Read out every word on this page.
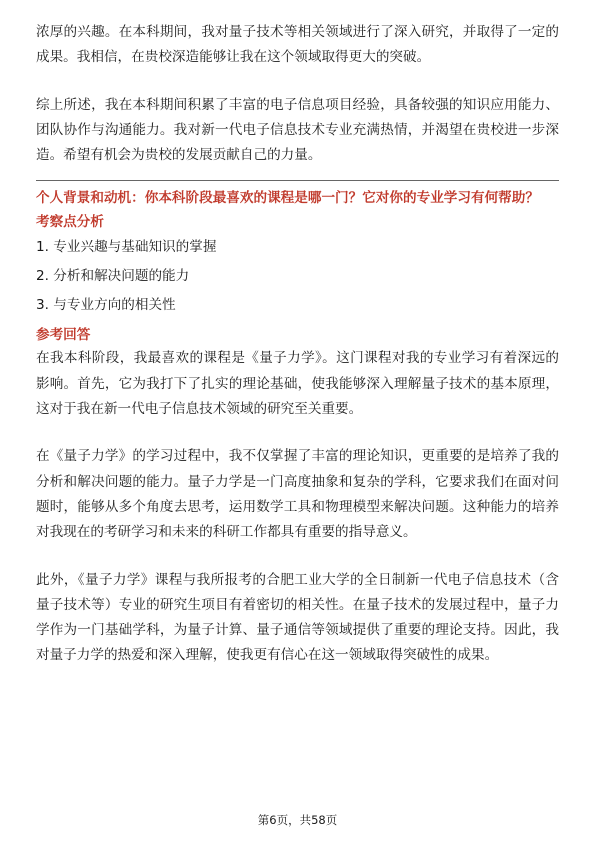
浓厚的兴趣。在本科期间，我对量子技术等相关领域进行了深入研究，并取得了一定的成果。我相信，在贵校深造能够让我在这个领域取得更大的突破。

综上所述，我在本科期间积累了丰富的电子信息项目经验，具备较强的知识应用能力、团队协作与沟通能力。我对新一代电子信息技术专业充满热情，并渴望在贵校进一步深造。希望有机会为贵校的发展贡献自己的力量。

个人背景和动机：你本科阶段最喜欢的课程是哪一门？它对你的专业学习有何帮助？

考察点分析

1. 专业兴趣与基础知识的掌握

2. 分析和解决问题的能力

3. 与专业方向的相关性

参考回答

在我本科阶段，我最喜欢的课程是《量子力学》。这门课程对我的专业学习有着深远的影响。首先，它为我打下了扎实的理论基础，使我能够深入理解量子技术的基本原理，这对于我在新一代电子信息技术领域的研究至关重要。

在《量子力学》的学习过程中，我不仅掌握了丰富的理论知识，更重要的是培养了我的分析和解决问题的能力。量子力学是一门高度抽象和复杂的学科，它要求我们在面对问题时，能够从多个角度去思考，运用数学工具和物理模型来解决问题。这种能力的培养对我现在的考研学习和未来的科研工作都具有重要的指导意义。

此外，《量子力学》课程与我所报考的合肥工业大学的全日制新一代电子信息技术（含量子技术等）专业的研究生项目有着密切的相关性。在量子技术的发展过程中，量子力学作为一门基础学科，为量子计算、量子通信等领域提供了重要的理论支持。因此，我对量子力学的热爱和深入理解，使我更有信心在这一领域取得突破性的成果。

第6页，共58页
